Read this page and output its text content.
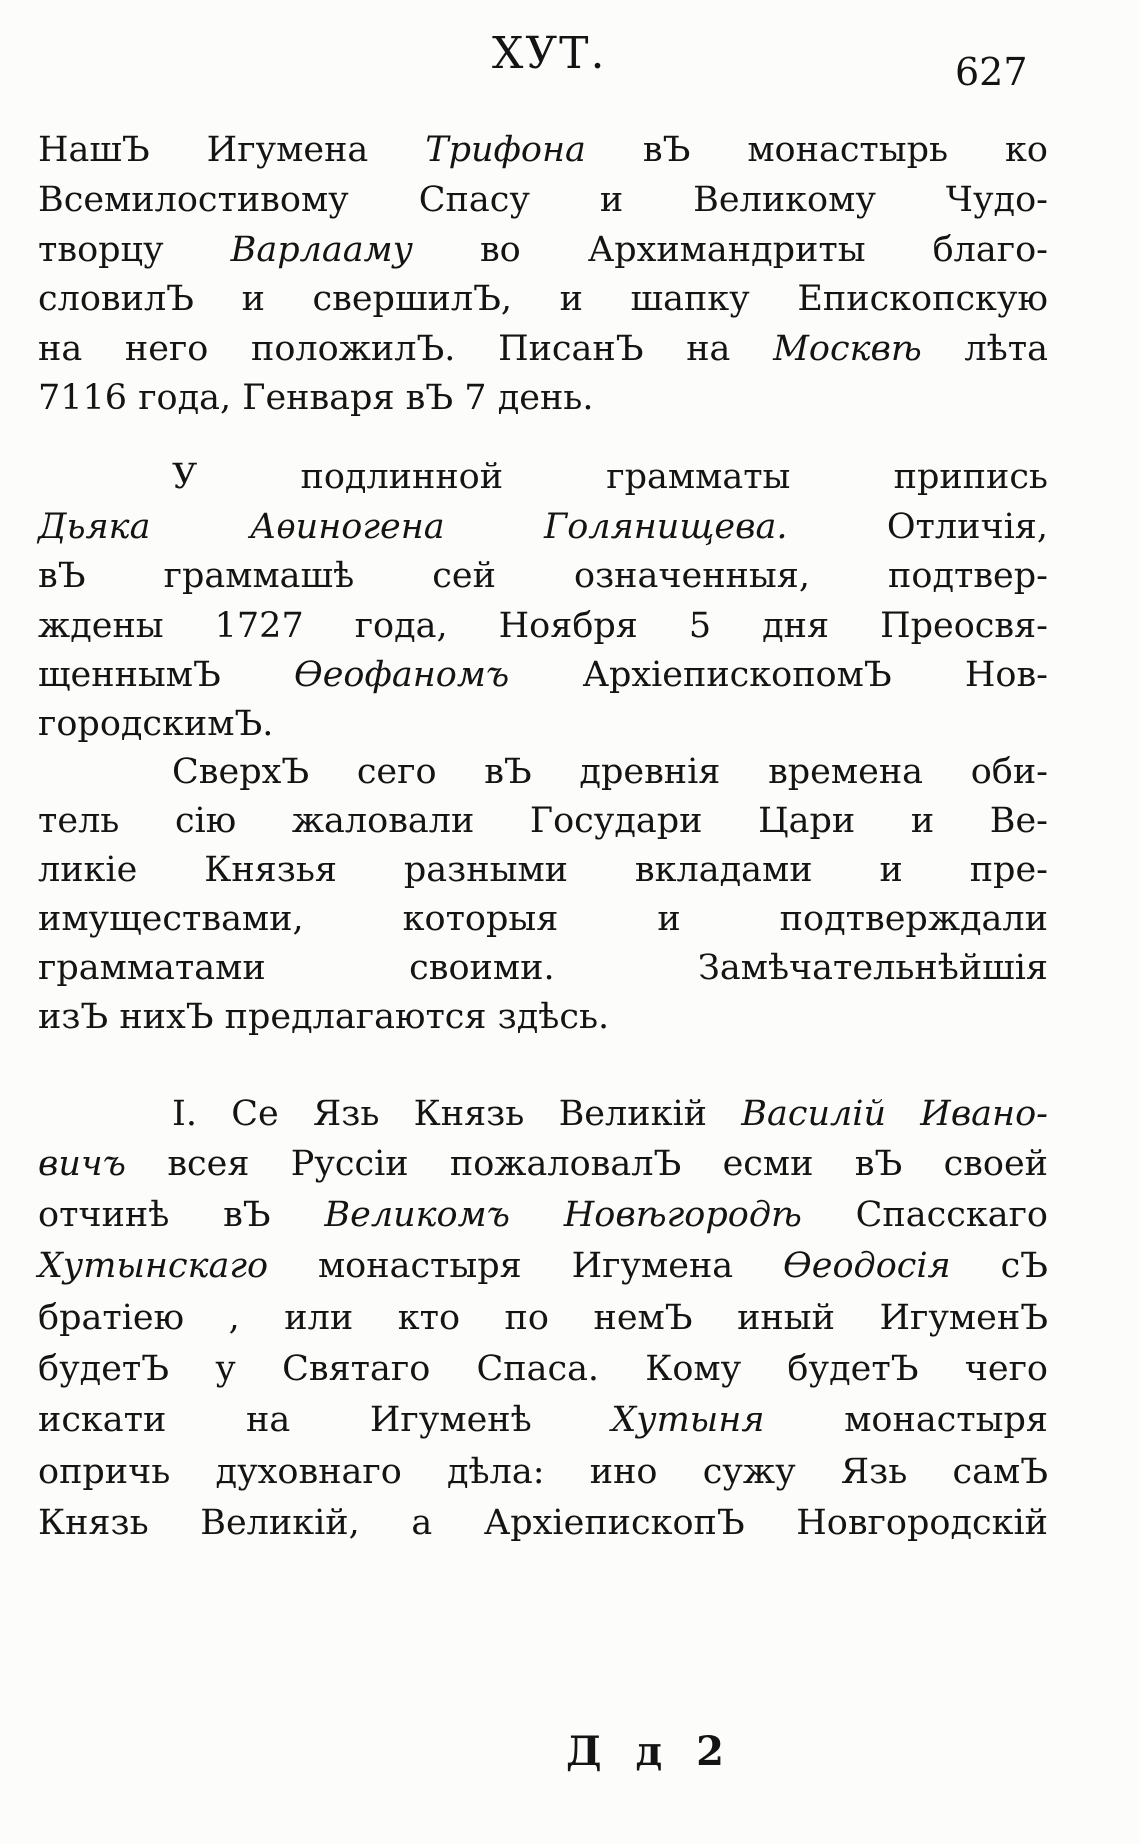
ХУТ.	627
НашЪ Игумена Трифона вЪ монастырь ко
Всемилостивому Спасу и Великому Чудо-
творцу Варлааму во Архимандриты благо-
словилЪ и свершилЪ, и шапку Епископскую
на него положилЪ. ПисанЪ на Москвѣ лѣта
7116 года, Генваря вЪ 7 день.
У подлинной грамматы припись
Дьяка Аѳиногена Голянищева. Отличія,
вЪ граммашѣ сей означенныя, подтвер-
ждены 1727 года, Ноября 5 дня Преосвя-
щеннымЪ Ѳеофаномъ АрхіепископомЪ Нов-
городскимЪ.
СверхЪ сего вЪ древнія времена оби-
тель сію жаловали Государи Цари и Ве-
ликіе Князья разными вкладами и пре-
имуществами, которыя и подтверждали
грамматами своими. Замѣчательнѣйшія
изЪ нихЪ предлагаются здѣсь.
I. Се Язь Князь Великій Василій Иванo-
вичъ всея Руссіи пожаловалЪ есми вЪ своей
отчинѣ вЪ Великомъ Новѣгородѣ Спасскаго
Хутынскаго монастыря Игумена Ѳеодосія сЪ
братіею , или кто по немЪ иный ИгуменЪ
будетЪ у Святаго Спаса. Кому будетЪ чего
искати на Игуменѣ Хутыня монастыря
опричь духовнаго дѣла: ино сужу Язь самЪ
Князь Великій, а АрхіепископЪ Новгородскій
Д д 2
